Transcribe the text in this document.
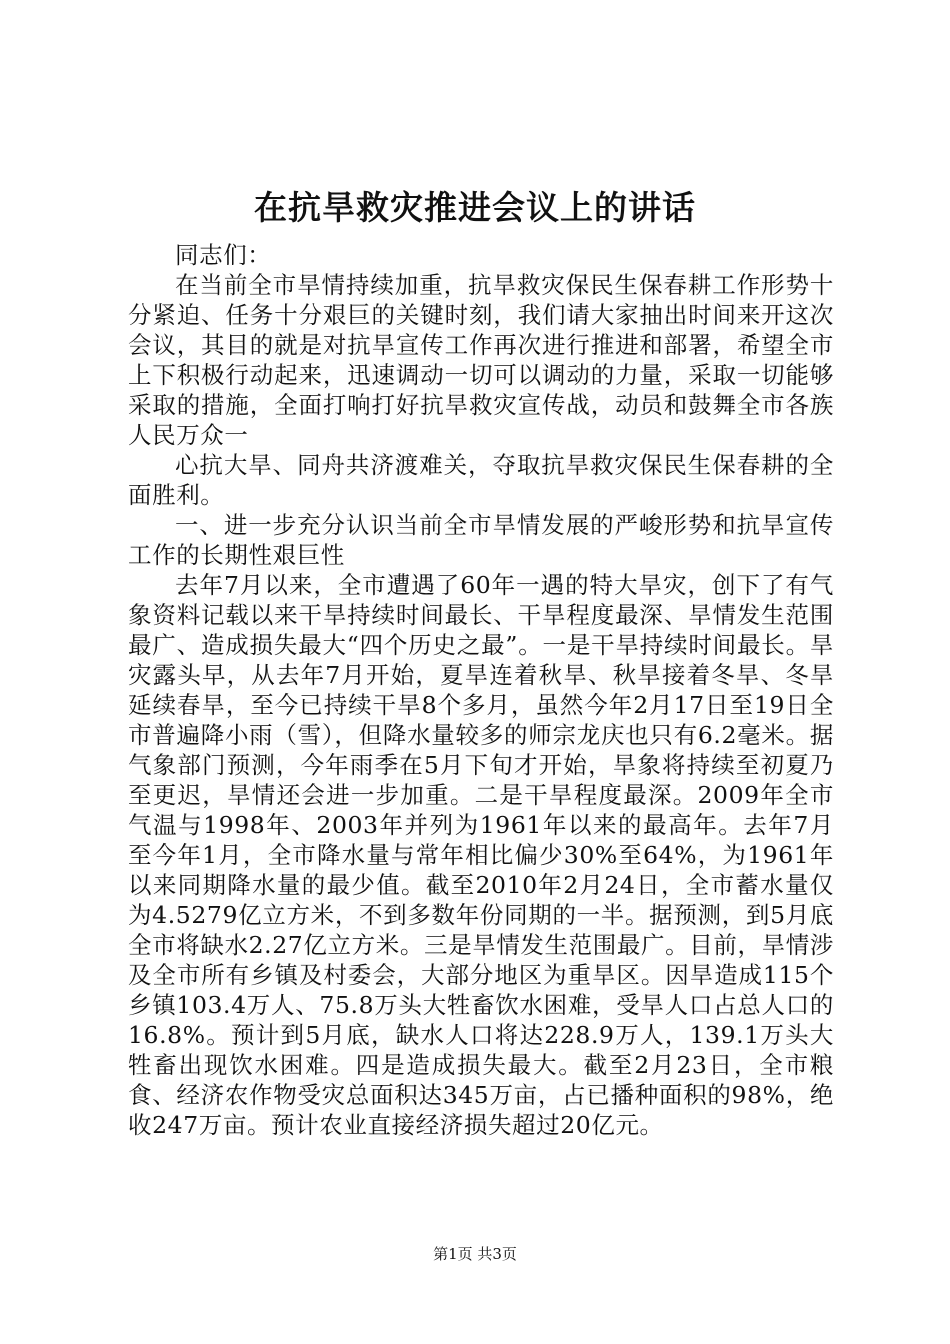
在抗旱救灾推进会议上的讲话

同志们：

在当前全市旱情持续加重，抗旱救灾保民生保春耕工作形势十分紧迫、任务十分艰巨的关键时刻，我们请大家抽出时间来开这次会议，其目的就是对抗旱宣传工作再次进行推进和部署，希望全市上下积极行动起来，迅速调动一切可以调动的力量，采取一切能够采取的措施，全面打响打好抗旱救灾宣传战，动员和鼓舞全市各族人民万众一

心抗大旱、同舟共济渡难关，夺取抗旱救灾保民生保春耕的全面胜利。

一、进一步充分认识当前全市旱情发展的严峻形势和抗旱宣传工作的长期性艰巨性

去年7月以来，全市遭遇了60年一遇的特大旱灾，创下了有气象资料记载以来干旱持续时间最长、干旱程度最深、旱情发生范围最广、造成损失最大“四个历史之最”。一是干旱持续时间最长。旱灾露头早，从去年7月开始，夏旱连着秋旱、秋旱接着冬旱、冬旱延续春旱，至今已持续干旱8个多月，虽然今年2月17日至19日全市普遍降小雨（雪），但降水量较多的师宗龙庆也只有6.2毫米。据气象部门预测，今年雨季在5月下旬才开始，旱象将持续至初夏乃至更迟，旱情还会进一步加重。二是干旱程度最深。2009年全市气温与1998年、2003年并列为1961年以来的最高年。去年7月至今年1月，全市降水量与常年相比偏少30%至64%，为1961年以来同期降水量的最少值。截至2010年2月24日，全市蓄水量仅为4.5279亿立方米，不到多数年份同期的一半。据预测，到5月底全市将缺水2.27亿立方米。三是旱情发生范围最广。目前，旱情涉及全市所有乡镇及村委会，大部分地区为重旱区。因旱造成115个乡镇103.4万人、75.8万头大牲畜饮水困难，受旱人口占总人口的16.8%。预计到5月底，缺水人口将达228.9万人，139.1万头大牲畜出现饮水困难。四是造成损失最大。截至2月23日，全市粮食、经济农作物受灾总面积达345万亩，占已播种面积的98%，绝收247万亩。预计农业直接经济损失超过20亿元。

第1页 共3页
